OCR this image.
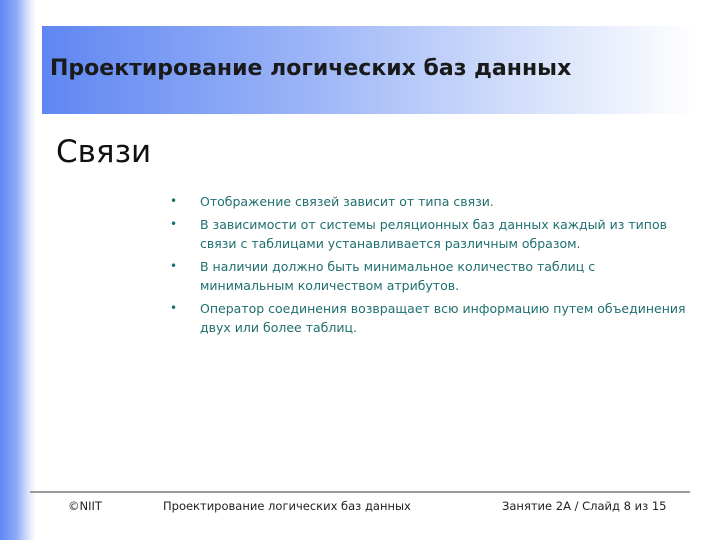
Проектирование логических баз данных
Связи
• Отображение связей зависит от типа связи.
• В зависимости от системы реляционных баз данных каждый из типов связи с таблицами устанавливается различным образом.
• В наличии должно быть минимальное количество таблиц с минимальным количеством атрибутов.
• Оператор соединения возвращает всю информацию путем объединения двух или более таблиц.
©NIIT	Проектирование логических баз данных	Занятие 2А / Слайд 8 из 15
